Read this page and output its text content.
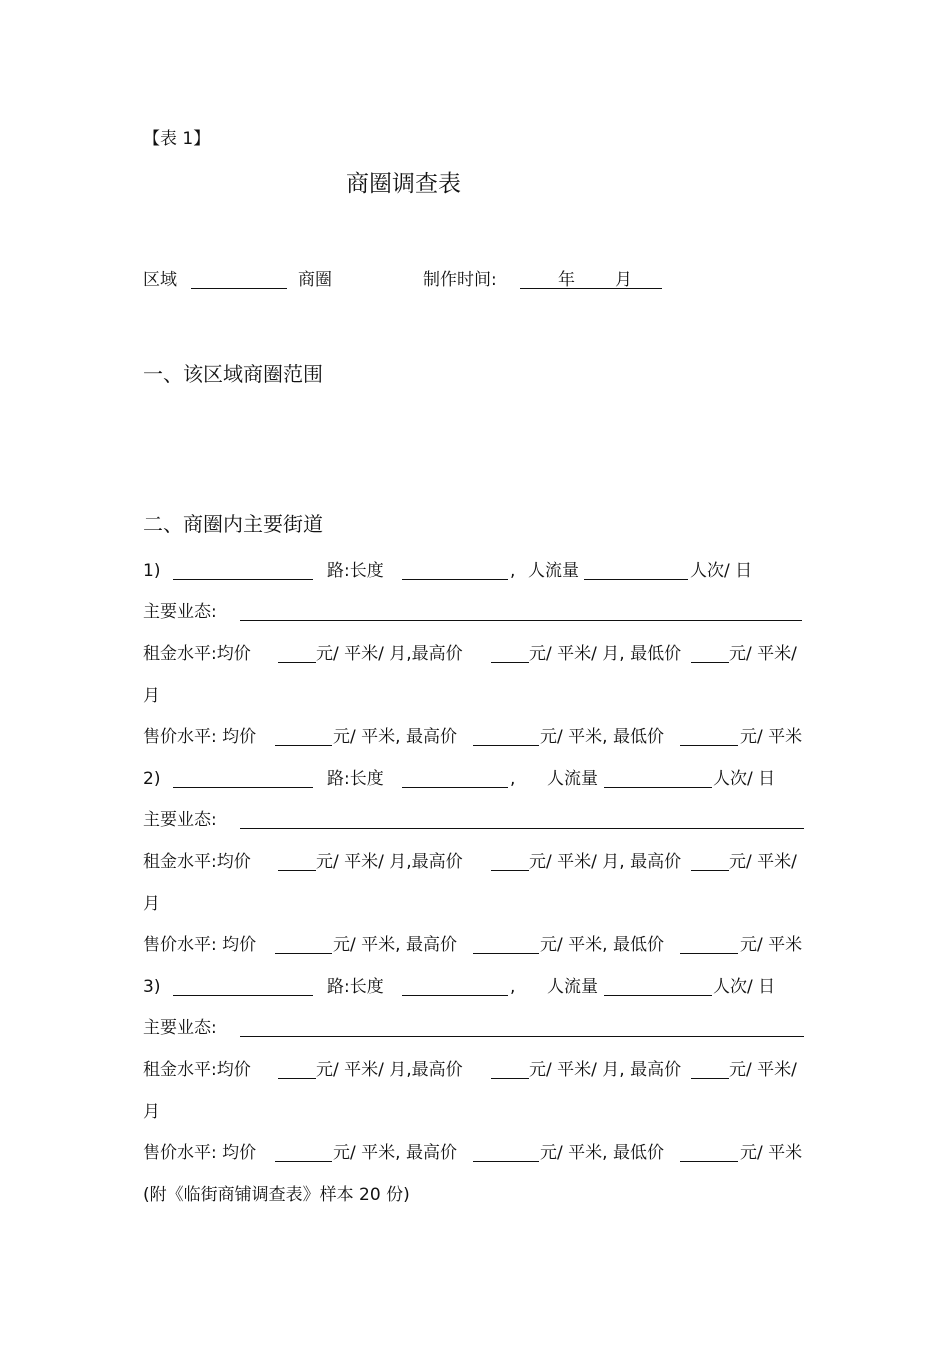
【表 1】
商圈调查表
区域	商圈	制作时间:	年 月
一、该区域商圈范围
二、商圈内主要街道
1)	路:长度	, 人流量	人次/ 日
主要业态:
租金水平:均价	元/ 平米/ 月,最高价	元/ 平米/ 月, 最低价	元/ 平米/
月
售价水平: 均价	元/ 平米, 最高价	元/ 平米, 最低价	元/ 平米
2)	路:长度	, 人流量	人次/ 日
主要业态:
租金水平:均价	元/ 平米/ 月,最高价	元/ 平米/ 月, 最高价	元/ 平米/
月
售价水平: 均价	元/ 平米, 最高价	元/ 平米, 最低价	元/ 平米
3)	路:长度	, 人流量	人次/ 日
主要业态:
租金水平:均价	元/ 平米/ 月,最高价	元/ 平米/ 月, 最高价	元/ 平米/
月
售价水平: 均价	元/ 平米, 最高价	元/ 平米, 最低价	元/ 平米
(附《临街商铺调查表》样本 20 份)
